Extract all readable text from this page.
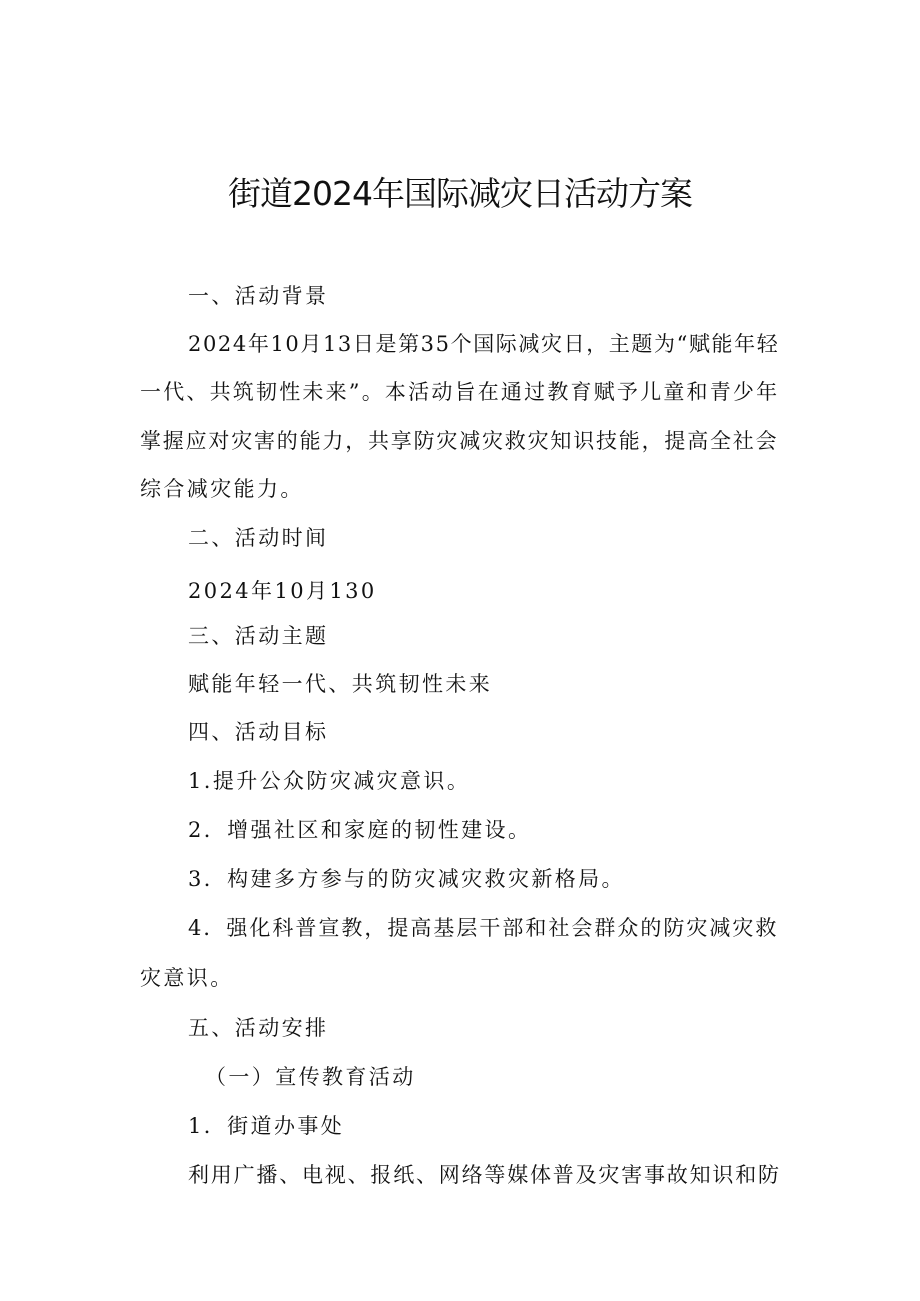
街道2024年国际减灾日活动方案
一、活动背景
2024年10月13日是第35个国际减灾日，主题为“赋能年轻
一代、共筑韧性未来”。本活动旨在通过教育赋予儿童和青少年
掌握应对灾害的能力，共享防灾减灾救灾知识技能，提高全社会
综合减灾能力。
二、活动时间
2024年10月130
三、活动主题
赋能年轻一代、共筑韧性未来
四、活动目标
1.提升公众防灾减灾意识。
2．增强社区和家庭的韧性建设。
3．构建多方参与的防灾减灾救灾新格局。
4．强化科普宣教，提高基层干部和社会群众的防灾减灾救
灾意识。
五、活动安排
（一）宣传教育活动
1．街道办事处
利用广播、电视、报纸、网络等媒体普及灾害事故知识和防
